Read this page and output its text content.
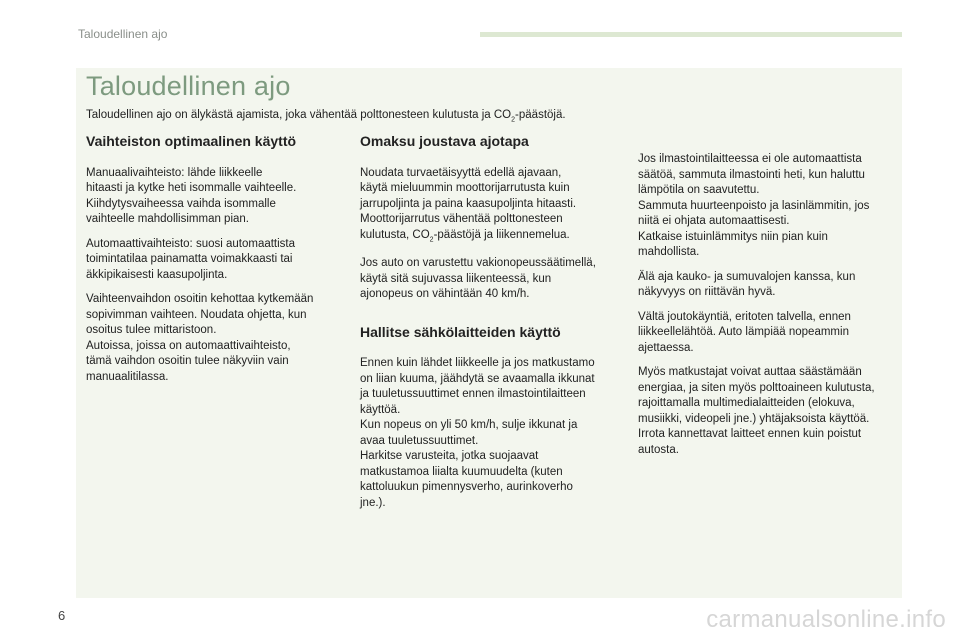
Taloudellinen ajo
Taloudellinen ajo

Taloudellinen ajo on älykästä ajamista, joka vähentää polttonesteen kulutusta ja $CO_2$-päästöjä.

Vaihteiston optimaalinen käyttö

Manuaalivaihteisto: lähde liikkeelle
hitaasti ja kytke heti isommalle vaihteelle.
Kiihdytysvaiheessa vaihda isommalle
vaihteelle mahdollisimman pian.

Automaattivaihteisto: suosi automaattista
toimintatilaa painamatta voimakkaasti tai
äkkipikaisesti kaasupoljinta.

Vaihteenvaihdon osoitin kehottaa kytkemään
sopivimman vaihteen. Noudata ohjetta, kun
osoitus tulee mittaristoon.
Autoissa, joissa on automaattivaihteisto,
tämä vaihdon osoitin tulee näkyviin vain
manuaalitilassa.

Omaksu joustava ajotapa

Noudata turvaetäisyyttä edellä ajavaan,
käytä mieluummin moottorijarrutusta kuin
jarrupoljinta ja paina kaasupoljinta hitaasti.
Moottorijarrutus vähentää polttonesteen
kulutusta, $CO_2$-päästöjä ja liikennemelua.

Jos auto on varustettu vakionopeussäätimellä,
käytä sitä sujuvassa liikenteessä, kun
ajonopeus on vähintään 40 km/h.

Hallitse sähkölaitteiden käyttö

Ennen kuin lähdet liikkeelle ja jos matkustamo
on liian kuuma, jäähdytä se avaamalla ikkunat
ja tuuletussuuttimet ennen ilmastointilaitteen
käyttöä.
Kun nopeus on yli 50 km/h, sulje ikkunat ja
avaa tuuletussuuttimet.
Harkitse varusteita, jotka suojaavat
matkustamoa liialta kuumuudelta (kuten
kattoluukun pimennysverho, aurinkoverho
jne.).

Jos ilmastointilaitteessa ei ole automaattista
säätöä, sammuta ilmastointi heti, kun haluttu
lämpötila on saavutettu.
Sammuta huurteenpoisto ja lasinlämmitin, jos
niitä ei ohjata automaattisesti.
Katkaise istuinlämmitys niin pian kuin
mahdollista.

Älä aja kauko- ja sumuvalojen kanssa, kun
näkyvyys on riittävän hyvä.

Vältä joutokäyntiä, eritoten talvella, ennen
liikkeellelähtöä. Auto lämpiää nopeammin
ajettaessa.

Myös matkustajat voivat auttaa säästämään
energiaa, ja siten myös polttoaineen kulutusta,
rajoittamalla multimedialaitteiden (elokuva,
musiikki, videopeli jne.) yhtäjaksoista käyttöä.
Irrota kannettavat laitteet ennen kuin poistut
autosta.

6	carmanualsonline.info
